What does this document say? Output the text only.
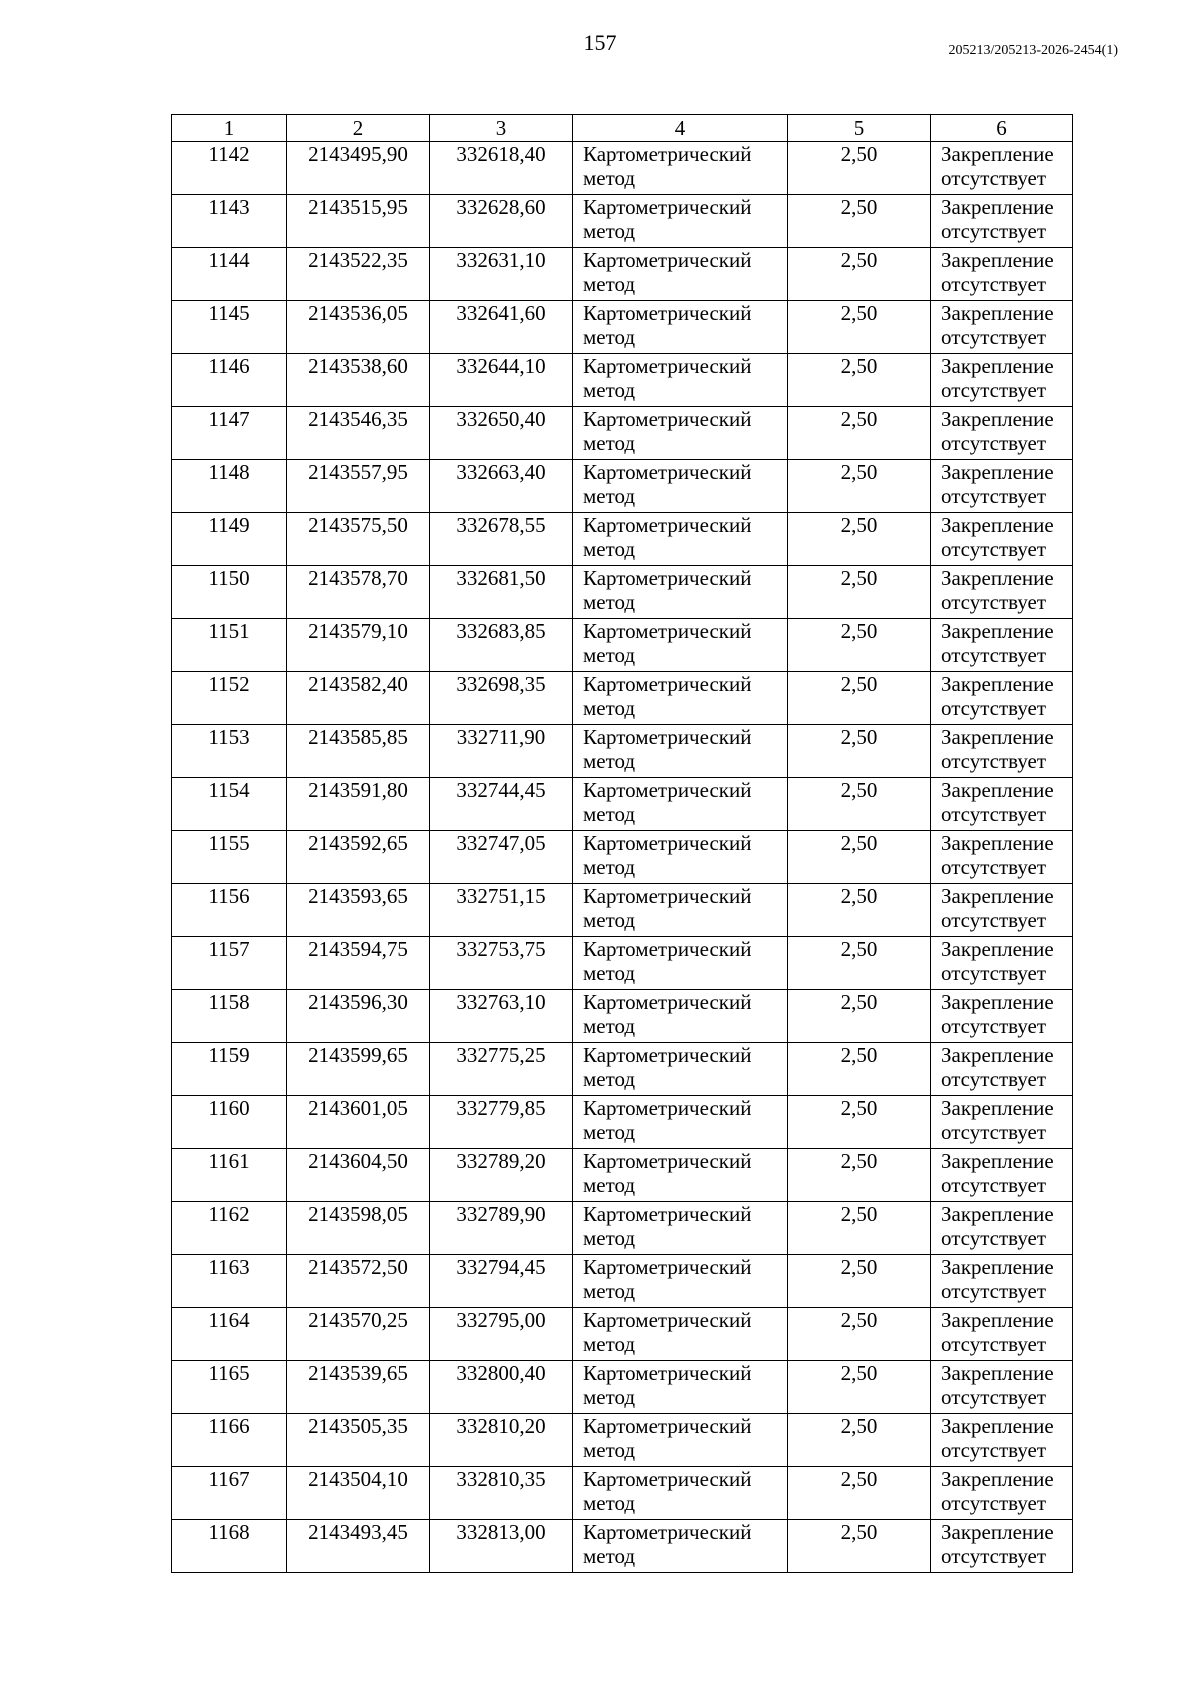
157	205213/205213-2026-2454(1)
1	2	3	4	5	6
1142	2143495,90	332618,40	Картометрический метод	2,50	Закрепление отсутствует
1143	2143515,95	332628,60	Картометрический метод	2,50	Закрепление отсутствует
1144	2143522,35	332631,10	Картометрический метод	2,50	Закрепление отсутствует
1145	2143536,05	332641,60	Картометрический метод	2,50	Закрепление отсутствует
1146	2143538,60	332644,10	Картометрический метод	2,50	Закрепление отсутствует
1147	2143546,35	332650,40	Картометрический метод	2,50	Закрепление отсутствует
1148	2143557,95	332663,40	Картометрический метод	2,50	Закрепление отсутствует
1149	2143575,50	332678,55	Картометрический метод	2,50	Закрепление отсутствует
1150	2143578,70	332681,50	Картометрический метод	2,50	Закрепление отсутствует
1151	2143579,10	332683,85	Картометрический метод	2,50	Закрепление отсутствует
1152	2143582,40	332698,35	Картометрический метод	2,50	Закрепление отсутствует
1153	2143585,85	332711,90	Картометрический метод	2,50	Закрепление отсутствует
1154	2143591,80	332744,45	Картометрический метод	2,50	Закрепление отсутствует
1155	2143592,65	332747,05	Картометрический метод	2,50	Закрепление отсутствует
1156	2143593,65	332751,15	Картометрический метод	2,50	Закрепление отсутствует
1157	2143594,75	332753,75	Картометрический метод	2,50	Закрепление отсутствует
1158	2143596,30	332763,10	Картометрический метод	2,50	Закрепление отсутствует
1159	2143599,65	332775,25	Картометрический метод	2,50	Закрепление отсутствует
1160	2143601,05	332779,85	Картометрический метод	2,50	Закрепление отсутствует
1161	2143604,50	332789,20	Картометрический метод	2,50	Закрепление отсутствует
1162	2143598,05	332789,90	Картометрический метод	2,50	Закрепление отсутствует
1163	2143572,50	332794,45	Картометрический метод	2,50	Закрепление отсутствует
1164	2143570,25	332795,00	Картометрический метод	2,50	Закрепление отсутствует
1165	2143539,65	332800,40	Картометрический метод	2,50	Закрепление отсутствует
1166	2143505,35	332810,20	Картометрический метод	2,50	Закрепление отсутствует
1167	2143504,10	332810,35	Картометрический метод	2,50	Закрепление отсутствует
1168	2143493,45	332813,00	Картометрический метод	2,50	Закрепление отсутствует
